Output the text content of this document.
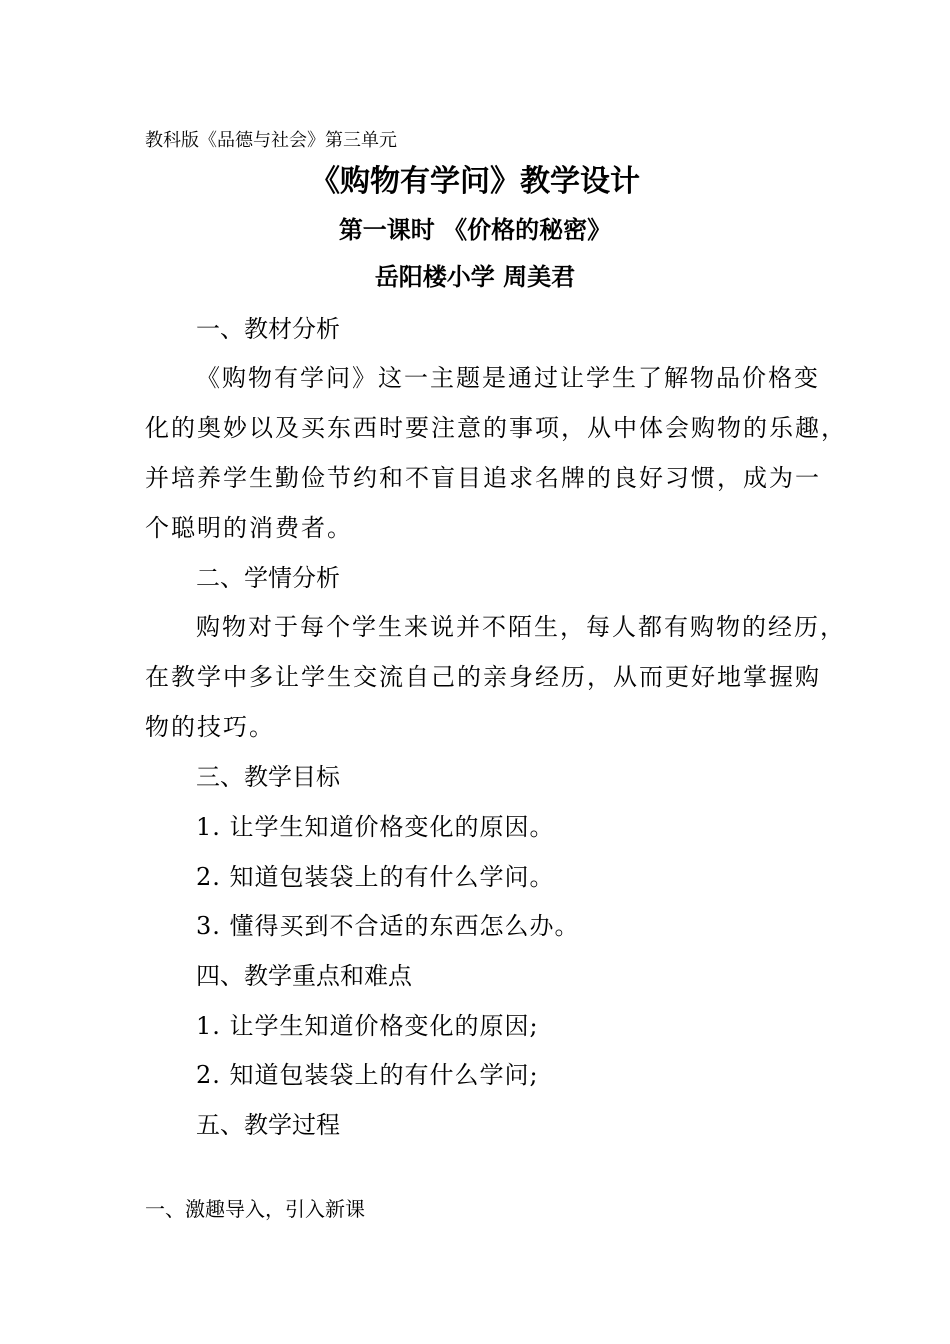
教科版《品德与社会》第三单元
《购物有学问》教学设计
第一课时 《价格的秘密》
岳阳楼小学 周美君
一、教材分析
《购物有学问》这一主题是通过让学生了解物品价格变
化的奥妙以及买东西时要注意的事项，从中体会购物的乐趣，
并培养学生勤俭节约和不盲目追求名牌的良好习惯，成为一
个聪明的消费者。
二、学情分析
购物对于每个学生来说并不陌生，每人都有购物的经历，
在教学中多让学生交流自己的亲身经历，从而更好地掌握购
物的技巧。
三、教学目标
1. 让学生知道价格变化的原因。
2. 知道包装袋上的有什么学问。
3. 懂得买到不合适的东西怎么办。
四、教学重点和难点
1. 让学生知道价格变化的原因;
2. 知道包装袋上的有什么学问;
五、教学过程
一、激趣导入，引入新课
